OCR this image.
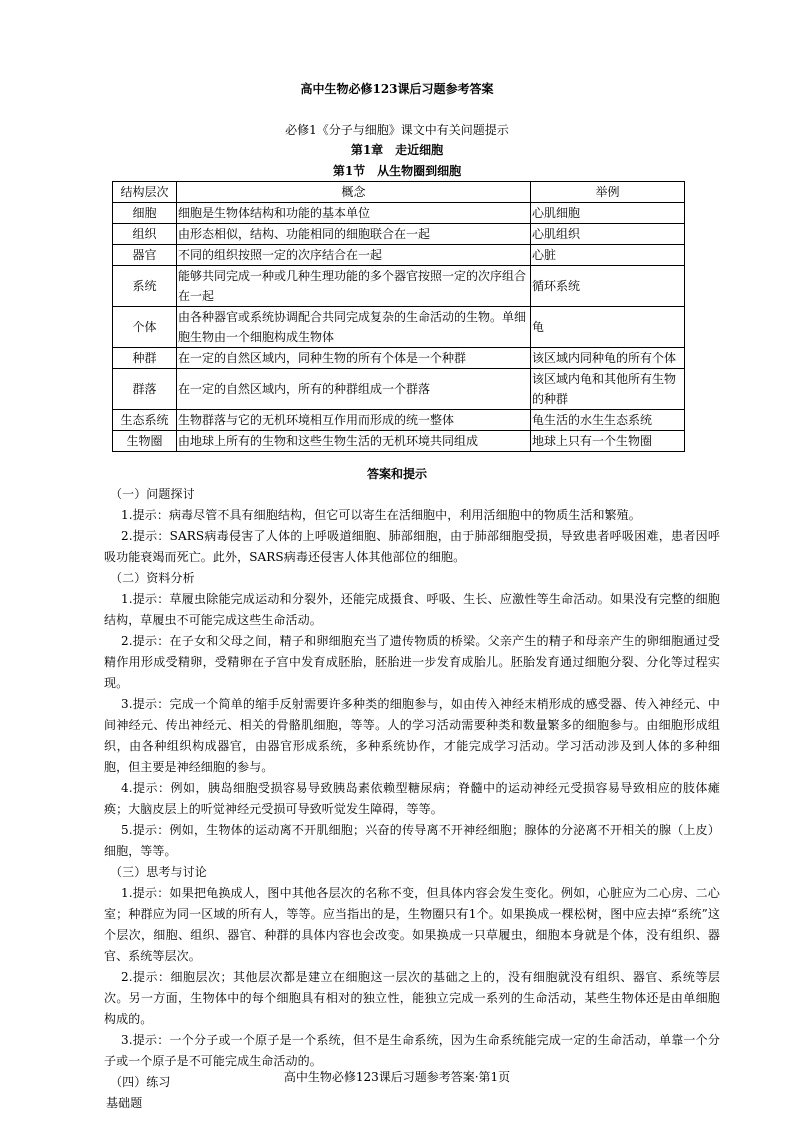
高中生物必修123课后习题参考答案
必修1《分子与细胞》课文中有关问题提示
第1章　走近细胞
第1节　从生物圈到细胞
结构层次	概念	举例
细胞	细胞是生物体结构和功能的基本单位	心肌细胞
组织	由形态相似，结构、功能相同的细胞联合在一起	心肌组织
器官	不同的组织按照一定的次序结合在一起	心脏
系统	能够共同完成一种或几种生理功能的多个器官按照一定的次序组合在一起	循环系统
个体	由各种器官或系统协调配合共同完成复杂的生命活动的生物。单细胞生物由一个细胞构成生物体	龟
种群	在一定的自然区域内，同种生物的所有个体是一个种群	该区域内同种龟的所有个体
群落	在一定的自然区域内，所有的种群组成一个群落	该区域内龟和其他所有生物的种群
生态系统	生物群落与它的无机环境相互作用而形成的统一整体	龟生活的水生生态系统
生物圈	由地球上所有的生物和这些生物生活的无机环境共同组成	地球上只有一个生物圈
答案和提示

（一）问题探讨

1.提示：病毒尽管不具有细胞结构，但它可以寄生在活细胞中，利用活细胞中的物质生活和繁殖。

2.提示：SARS病毒侵害了人体的上呼吸道细胞、肺部细胞，由于肺部细胞受损，导致患者呼吸困难，患者因呼吸功能衰竭而死亡。此外，SARS病毒还侵害人体其他部位的细胞。

（二）资料分析

1.提示：草履虫除能完成运动和分裂外，还能完成摄食、呼吸、生长、应激性等生命活动。如果没有完整的细胞结构，草履虫不可能完成这些生命活动。

2.提示：在子女和父母之间，精子和卵细胞充当了遗传物质的桥梁。父亲产生的精子和母亲产生的卵细胞通过受精作用形成受精卵，受精卵在子宫中发育成胚胎，胚胎进一步发育成胎儿。胚胎发育通过细胞分裂、分化等过程实现。

3.提示：完成一个简单的缩手反射需要许多种类的细胞参与，如由传入神经末梢形成的感受器、传入神经元、中间神经元、传出神经元、相关的骨骼肌细胞，等等。人的学习活动需要种类和数量繁多的细胞参与。由细胞形成组织，由各种组织构成器官，由器官形成系统，多种系统协作，才能完成学习活动。学习活动涉及到人体的多种细胞，但主要是神经细胞的参与。

4.提示：例如，胰岛细胞受损容易导致胰岛素依赖型糖尿病；脊髓中的运动神经元受损容易导致相应的肢体瘫痪；大脑皮层上的听觉神经元受损可导致听觉发生障碍，等等。

5.提示：例如，生物体的运动离不开肌细胞；兴奋的传导离不开神经细胞；腺体的分泌离不开相关的腺（上皮）细胞，等等。

（三）思考与讨论

1.提示：如果把龟换成人，图中其他各层次的名称不变，但具体内容会发生变化。例如，心脏应为二心房、二心室；种群应为同一区域的所有人，等等。应当指出的是，生物圈只有1个。如果换成一棵松树，图中应去掉“系统”这个层次，细胞、组织、器官、种群的具体内容也会改变。如果换成一只草履虫，细胞本身就是个体，没有组织、器官、系统等层次。

2.提示：细胞层次；其他层次都是建立在细胞这一层次的基础之上的，没有细胞就没有组织、器官、系统等层次。另一方面，生物体中的每个细胞具有相对的独立性，能独立完成一系列的生命活动，某些生物体还是由单细胞构成的。

3.提示：一个分子或一个原子是一个系统，但不是生命系统，因为生命系统能完成一定的生命活动，单靠一个分子或一个原子是不可能完成生命活动的。

（四）练习

基础题

高中生物必修123课后习题参考答案·第1页
